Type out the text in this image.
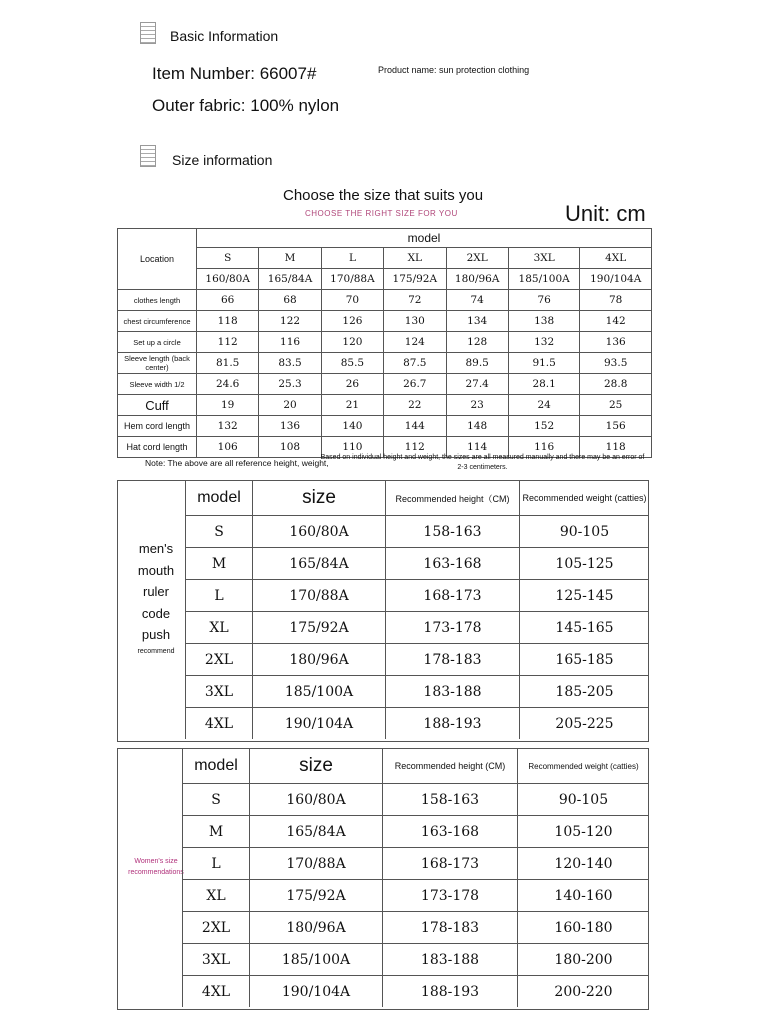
Basic Information
Item Number: 66007#	Product name: sun protection clothing
Outer fabric: 100% nylon
Size information
Choose the size that suits you
CHOOSE THE RIGHT SIZE FOR YOU	Unit: cm
Location	model						
	S	M	L	XL	2XL	3XL	4XL
	160/80A	165/84A	170/88A	175/92A	180/96A	185/100A	190/104A
clothes length	66	68	70	72	74	76	78
chest circumference	118	122	126	130	134	138	142
Set up a circle	112	116	120	124	128	132	136
Sleeve length (back center)	81.5	83.5	85.5	87.5	89.5	91.5	93.5
Sleeve width 1/2	24.6	25.3	26	26.7	27.4	28.1	28.8
Cuff	19	20	21	22	23	24	25
Hem cord length	132	136	140	144	148	152	156
Hat cord length	106	108	110	112	114	116	118
Note: The above are all reference height, weight,
Based on individual height and weight, the sizes are all measured manually and there may be an error of 2-3 centimeters.
men's
mouth
ruler
code
push
recommend
model	size	Recommended height（CM)	Recommended weight (catties)
S	160/80A	158-163	90-105
M	165/84A	163-168	105-125
L	170/88A	168-173	125-145
XL	175/92A	173-178	145-165
2XL	180/96A	178-183	165-185
3XL	185/100A	183-188	185-205
4XL	190/104A	188-193	205-225
Women's size recommendations
model	size	Recommended height (CM)	Recommended weight (catties)
S	160/80A	158-163	90-105
M	165/84A	163-168	105-120
L	170/88A	168-173	120-140
XL	175/92A	173-178	140-160
2XL	180/96A	178-183	160-180
3XL	185/100A	183-188	180-200
4XL	190/104A	188-193	200-220
